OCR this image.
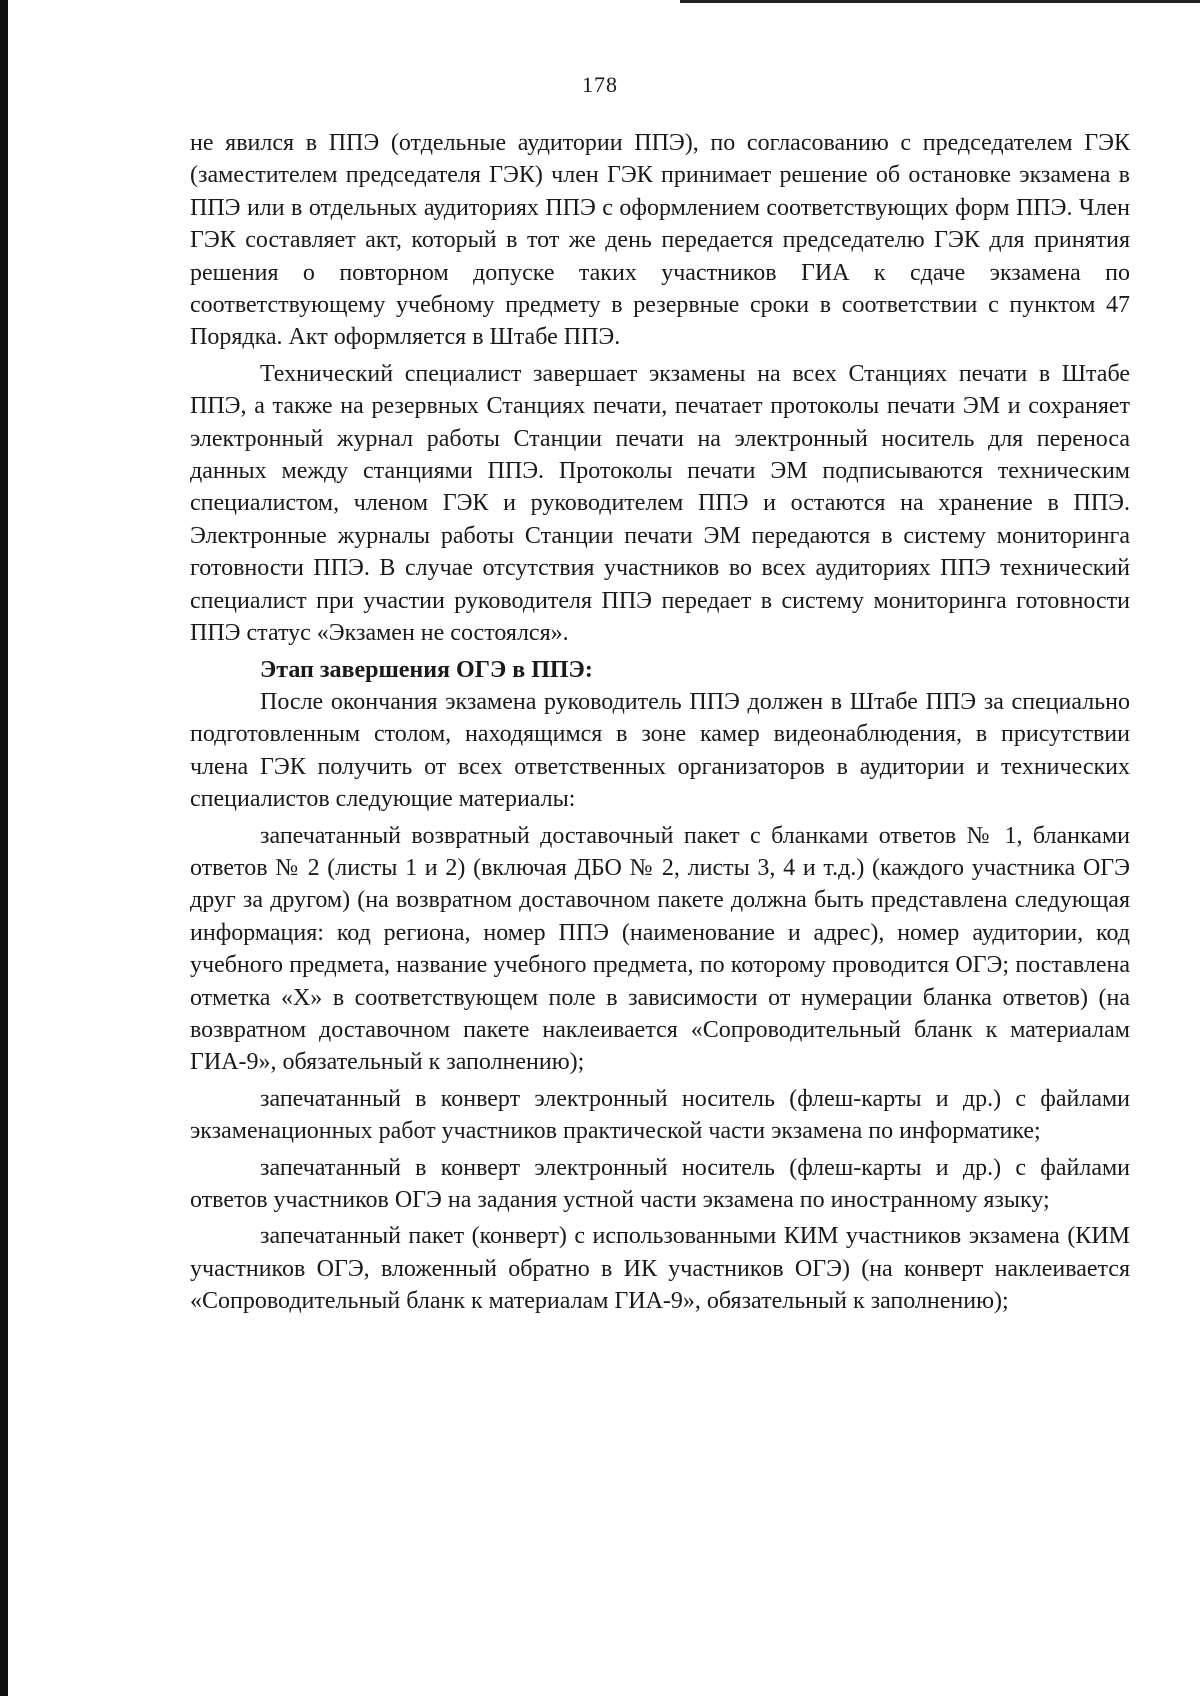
178

не явился в ППЭ (отдельные аудитории ППЭ), по согласованию с председателем ГЭК (заместителем председателя ГЭК) член ГЭК принимает решение об остановке экзамена в ППЭ или в отдельных аудиториях ППЭ с оформлением соответствующих форм ППЭ. Член ГЭК составляет акт, который в тот же день передается председателю ГЭК для принятия решения о повторном допуске таких участников ГИА к сдаче экзамена по соответствующему учебному предмету в резервные сроки в соответствии с пунктом 47 Порядка. Акт оформляется в Штабе ППЭ.

Технический специалист завершает экзамены на всех Станциях печати в Штабе ППЭ, а также на резервных Станциях печати, печатает протоколы печати ЭМ и сохраняет электронный журнал работы Станции печати на электронный носитель для переноса данных между станциями ППЭ. Протоколы печати ЭМ подписываются техническим специалистом, членом ГЭК и руководителем ППЭ и остаются на хранение в ППЭ. Электронные журналы работы Станции печати ЭМ передаются в систему мониторинга готовности ППЭ. В случае отсутствия участников во всех аудиториях ППЭ технический специалист при участии руководителя ППЭ передает в систему мониторинга готовности ППЭ статус «Экзамен не состоялся».

Этап завершения ОГЭ в ППЭ:

После окончания экзамена руководитель ППЭ должен в Штабе ППЭ за специально подготовленным столом, находящимся в зоне камер видеонаблюдения, в присутствии члена ГЭК получить от всех ответственных организаторов в аудитории и технических специалистов следующие материалы:

запечатанный возвратный доставочный пакет с бланками ответов № 1, бланками ответов № 2 (листы 1 и 2) (включая ДБО № 2, листы 3, 4 и т.д.) (каждого участника ОГЭ друг за другом) (на возвратном доставочном пакете должна быть представлена следующая информация: код региона, номер ППЭ (наименование и адрес), номер аудитории, код учебного предмета, название учебного предмета, по которому проводится ОГЭ; поставлена отметка «Х» в соответствующем поле в зависимости от нумерации бланка ответов) (на возвратном доставочном пакете наклеивается «Сопроводительный бланк к материалам ГИА-9», обязательный к заполнению);

запечатанный в конверт электронный носитель (флеш-карты и др.) с файлами экзаменационных работ участников практической части экзамена по информатике;

запечатанный в конверт электронный носитель (флеш-карты и др.) с файлами ответов участников ОГЭ на задания устной части экзамена по иностранному языку;

запечатанный пакет (конверт) с использованными КИМ участников экзамена (КИМ участников ОГЭ, вложенный обратно в ИК участников ОГЭ) (на конверт наклеивается «Сопроводительный бланк к материалам ГИА-9», обязательный к заполнению);
